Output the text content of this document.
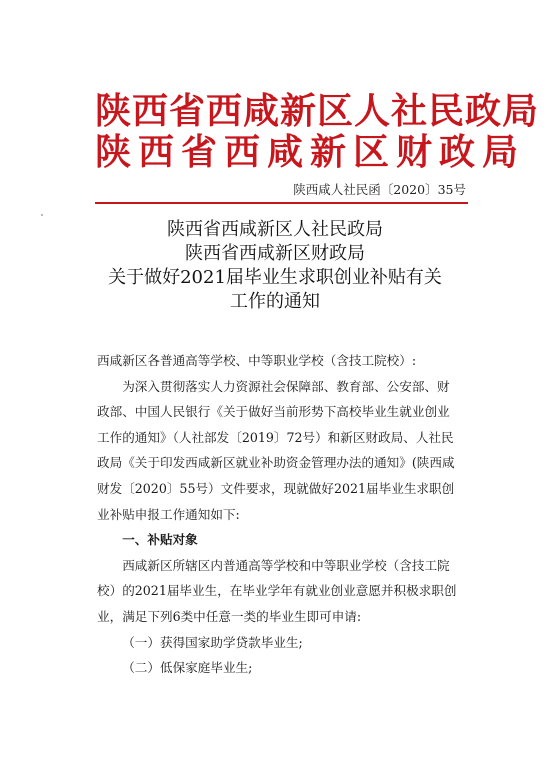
陕西省西咸新区人社民政局
陕西省西咸新区财政局
陕西咸人社民函〔2020〕35号
陕西省西咸新区人社民政局
陕西省西咸新区财政局
关于做好2021届毕业生求职创业补贴有关
工作的通知

西咸新区各普通高等学校、中等职业学校（含技工院校）:

为深入贯彻落实人力资源社会保障部、教育部、公安部、财政部、中国人民银行《关于做好当前形势下高校毕业生就业创业工作的通知》（人社部发〔2019〕72号）和新区财政局、人社民政局《关于印发西咸新区就业补助资金管理办法的通知》(陕西咸财发〔2020〕55号）文件要求，现就做好2021届毕业生求职创业补贴申报工作通知如下:

一、补贴对象

西咸新区所辖区内普通高等学校和中等职业学校（含技工院校）的2021届毕业生，在毕业学年有就业创业意愿并积极求职创业，满足下列6类中任意一类的毕业生即可申请:

（一）获得国家助学贷款毕业生;

（二）低保家庭毕业生;
